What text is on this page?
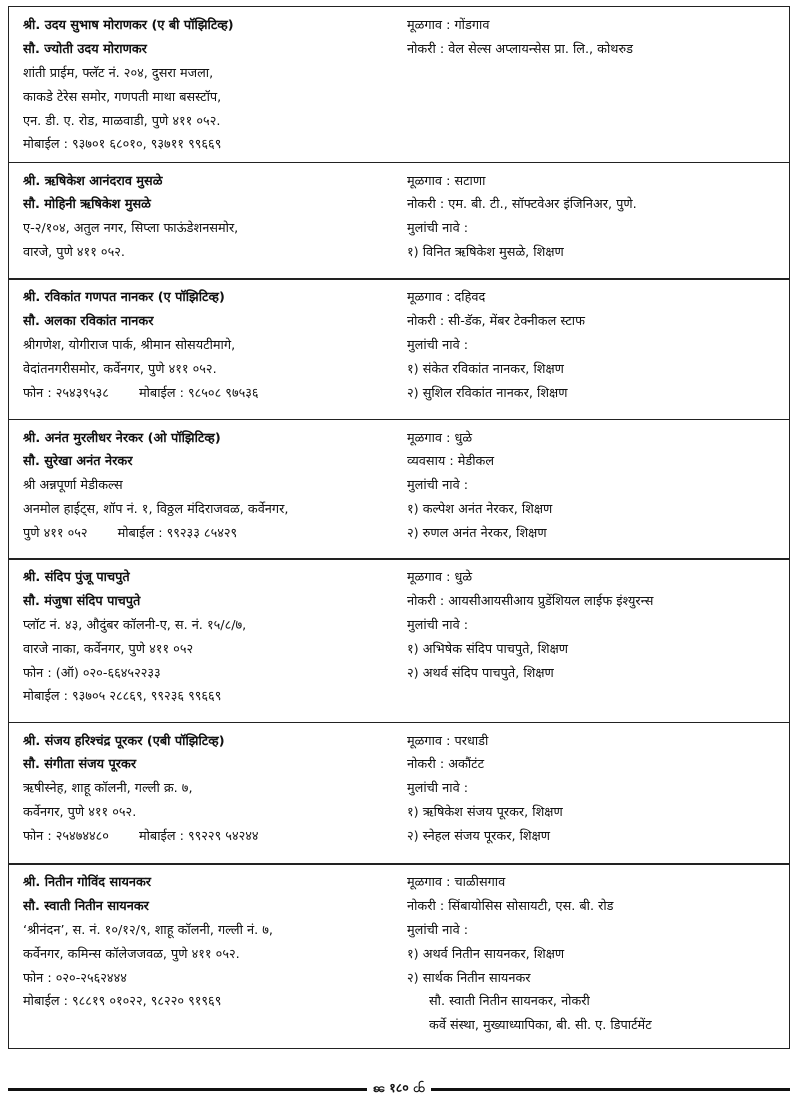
श्री. उदय सुभाष मोराणकर (ए बी पॉझिटिव्ह)
सौ. ज्योती उदय मोराणकर
शांती प्राईम, फ्लॅट नं. २०४, दुसरा मजला,
काकडे टेरेस समोर, गणपती माथा बसस्टॉप,
एन. डी. ए. रोड, माळवाडी, पुणे ४११ ०५२.
मोबाईल : ९३७०१ ६८०१०, ९३७११ ९९६६९
मूळगाव : गोंडगाव
नोकरी : वेल सेल्स अप्लायन्सेस प्रा. लि., कोथरुड
श्री. ऋषिकेश आनंदराव मुसळे
सौ. मोहिनी ऋषिकेश मुसळे
ए-२/१०४, अतुल नगर, सिप्ला फाऊंडेशनसमोर,
वारजे, पुणे ४११ ०५२.
मूळगाव : सटाणा
नोकरी : एम. बी. टी., सॉफ्टवेअर इंजिनिअर, पुणे.
मुलांची नावे :
१) विनित ऋषिकेश मुसळे, शिक्षण
श्री. रविकांत गणपत नानकर (ए पॉझिटिव्ह)
सौ. अलका रविकांत नानकर
श्रीगणेश, योगीराज पार्क, श्रीमान सोसयटीमागे,
वेदांतनगरीसमोर, कर्वेनगर, पुणे ४११ ०५२.
फोन : २५४३९५३८ मोबाईल : ९८५०८ ९७५३६
मूळगाव : दहिवद
नोकरी : सी-डॅक, मेंबर टेक्नीकल स्टाफ
मुलांची नावे :
१) संकेत रविकांत नानकर, शिक्षण
२) सुशिल रविकांत नानकर, शिक्षण
श्री. अनंत मुरलीधर नेरकर (ओ पॉझिटिव्ह)
सौ. सुरेखा अनंत नेरकर
श्री अन्नपूर्णा मेडीकल्स
अनमोल हाईट्स, शॉप नं. १, विठ्ठल मंदिराजवळ, कर्वेनगर,
पुणे ४११ ०५२ मोबाईल : ९९२३३ ८५४२९
मूळगाव : धुळे
व्यवसाय : मेडीकल
मुलांची नावे :
१) कल्पेश अनंत नेरकर, शिक्षण
२) रुणल अनंत नेरकर, शिक्षण
श्री. संदिप पुंजू पाचपुते
सौ. मंजुषा संदिप पाचपुते
प्लॉट नं. ४३, औदुंबर कॉलनी-ए, स. नं. १५/८/७,
वारजे नाका, कर्वेनगर, पुणे ४११ ०५२
फोन : (ऑ) ०२०-६६४५२२३३
मोबाईल : ९३७०५ २८८६९, ९९२३६ ९९६६९
मूळगाव : धुळे
नोकरी : आयसीआयसीआय प्रुडेंशियल लाईफ इंश्युरन्स
मुलांची नावे :
१) अभिषेक संदिप पाचपुते, शिक्षण
२) अथर्व संदिप पाचपुते, शिक्षण
श्री. संजय हरिश्चंद्र पूरकर (एबी पॉझिटिव्ह)
सौ. संगीता संजय पूरकर
ऋषीस्नेह, शाहू कॉलनी, गल्ली क्र. ७,
कर्वेनगर, पुणे ४११ ०५२.
फोन : २५४७४४८० मोबाईल : ९९२२९ ५४२४४
मूळगाव : परधाडी
नोकरी : अकौंटंट
मुलांची नावे :
१) ऋषिकेश संजय पूरकर, शिक्षण
२) स्नेहल संजय पूरकर, शिक्षण
श्री. नितीन गोविंद सायनकर
सौ. स्वाती नितीन सायनकर
‘श्रीनंदन’, स. नं. १०/१२/९, शाहू कॉलनी, गल्ली नं. ७,
कर्वेनगर, कमिन्स कॉलेजजवळ, पुणे ४११ ०५२.
फोन : ०२०-२५६२४४४
मोबाईल : ९८८१९ ०१०२२, ९८२२० ९१९६९
मूळगाव : चाळीसगाव
नोकरी : सिंबायोसिस सोसायटी, एस. बी. रोड
मुलांची नावे :
१) अथर्व नितीन सायनकर, शिक्षण
२) सार्थक नितीन सायनकर
सौ. स्वाती नितीन सायनकर, नोकरी
कर्वे संस्था, मुख्याध्यापिका, बी. सी. ए. डिपार्टमेंट
ꧣ १८० ꧤ
